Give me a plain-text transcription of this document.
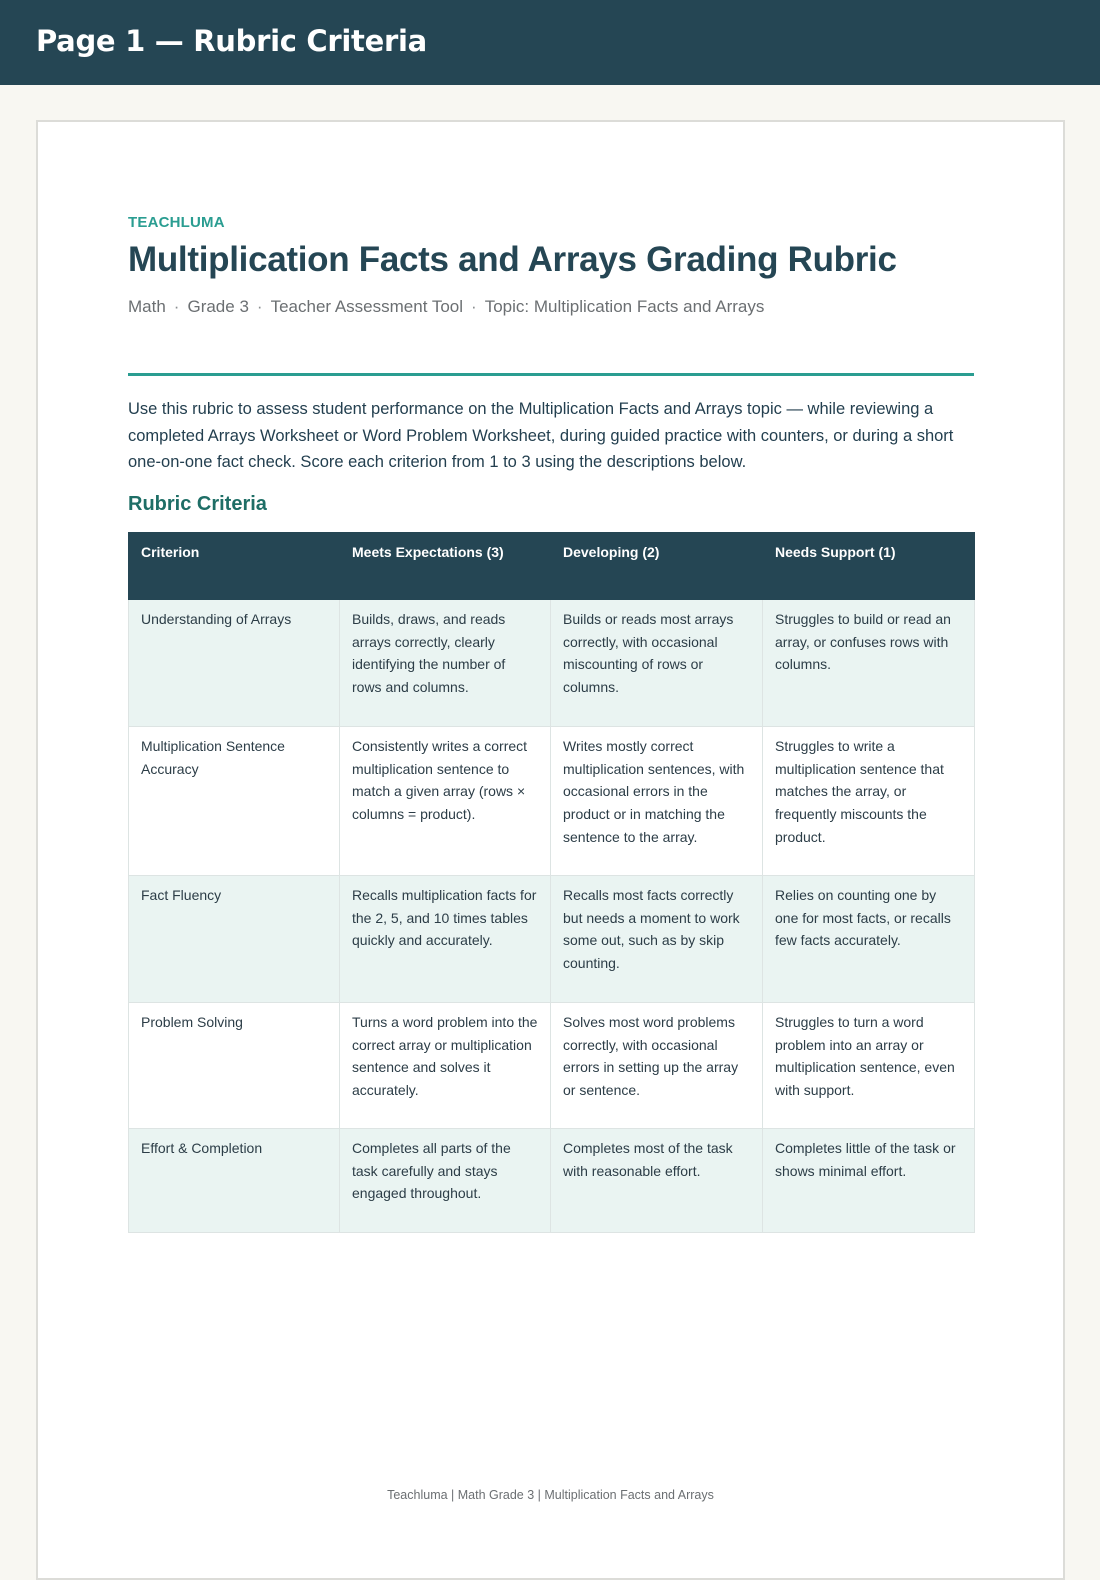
Page 1 — Rubric Criteria
TEACHLUMA
Multiplication Facts and Arrays Grading Rubric
Math · Grade 3 · Teacher Assessment Tool · Topic: Multiplication Facts and Arrays

Use this rubric to assess student performance on the Multiplication Facts and Arrays topic — while reviewing a completed Arrays Worksheet or Word Problem Worksheet, during guided practice with counters, or during a short one-on-one fact check. Score each criterion from 1 to 3 using the descriptions below.

Rubric Criteria
Criterion	Meets Expectations (3)	Developing (2)	Needs Support (1)
Understanding of Arrays	Builds, draws, and reads arrays correctly, clearly identifying the number of rows and columns.	Builds or reads most arrays correctly, with occasional miscounting of rows or columns.	Struggles to build or read an array, or confuses rows with columns.
Multiplication Sentence Accuracy	Consistently writes a correct multiplication sentence to match a given array (rows × columns = product).	Writes mostly correct multiplication sentences, with occasional errors in the product or in matching the sentence to the array.	Struggles to write a multiplication sentence that matches the array, or frequently miscounts the product.
Fact Fluency	Recalls multiplication facts for the 2, 5, and 10 times tables quickly and accurately.	Recalls most facts correctly but needs a moment to work some out, such as by skip counting.	Relies on counting one by one for most facts, or recalls few facts accurately.
Problem Solving	Turns a word problem into the correct array or multiplication sentence and solves it accurately.	Solves most word problems correctly, with occasional errors in setting up the array or sentence.	Struggles to turn a word problem into an array or multiplication sentence, even with support.
Effort & Completion	Completes all parts of the task carefully and stays engaged throughout.	Completes most of the task with reasonable effort.	Completes little of the task or shows minimal effort.
Teachluma | Math Grade 3 | Multiplication Facts and Arrays
